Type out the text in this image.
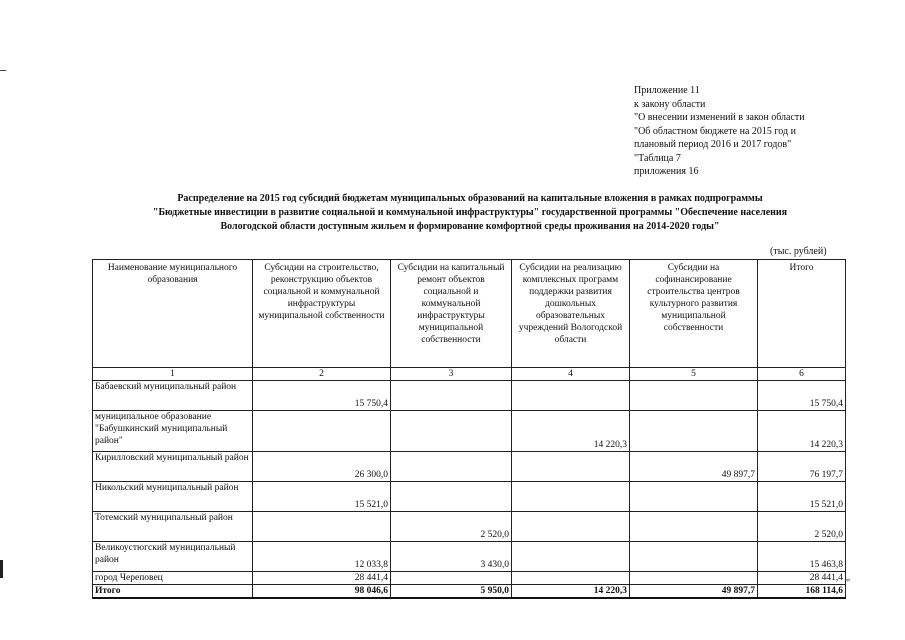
Приложение 11
к закону области
"О внесении изменений в закон области
"Об областном бюджете на 2015 год и
плановый период 2016 и 2017 годов"
"Таблица 7
приложения 16
Распределение на 2015 год субсидий бюджетам муниципальных образований на капитальные вложения в рамках подпрограммы
"Бюджетные инвестиции в развитие социальной и коммунальной инфраструктуры" государственной программы "Обеспечение населения
Вологодской области доступным жильем и формирование комфортной среды проживания на 2014-2020 годы"
(тыс. рублей)
Наименование муниципального образования	Субсидии на строительство, реконструкцию объектов социальной и коммунальной инфраструктуры муниципальной собственности	Субсидии на капитальный ремонт объектов социальной и коммунальной инфраструктуры муниципальной собственности	Субсидии на реализацию комплексных программ поддержки развития дошкольных образовательных учреждений Вологодской области	Субсидии на софинансирование строительства центров культурного развития муниципальной собственности	Итого
1	2	3	4	5	6
Бабаевский муниципальный район	15 750,4				15 750,4
муниципальное образование "Бабушкинский муниципальный район"			14 220,3		14 220,3
Кирилловский муниципальный район	26 300,0			49 897,7	76 197,7
Никольский муниципальный район	15 521,0				15 521,0
Тотемский муниципальный район		2 520,0			2 520,0
Великоустюгский муниципальный район	12 033,8	3 430,0			15 463,8
город Череповец	28 441,4				28 441,4
Итого	98 046,6	5 950,0	14 220,3	49 897,7	168 114,6
"
